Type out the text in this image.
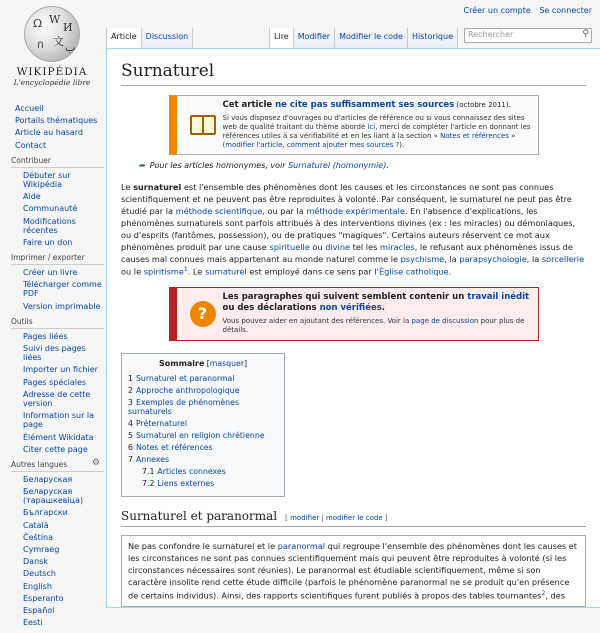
Créer un compte Se connecter
Ω W
И
ก 文 ب
WIKIPÉDIA
L'encyclopédie libre
Accueil
Portails thématiques
Article au hasard
Contact
Contribuer
Débuter sur Wikipédia
Aide
Communauté
Modifications récentes
Faire un don
Imprimer / exporter
Créer un livre
Télécharger comme PDF
Version imprimable
Outils
Pages liées
Suivi des pages liées
Importer un fichier
Pages spéciales
Adresse de cette version
Information sur la page
Élément Wikidata
Citer cette page
Autres langues	⚙
Беларуская
Беларуская (тарашкевіца)
Български
Català
Čeština
Cymraeg
Dansk
Deutsch
English
Esperanto
Español
Eesti
Article	Discussion	Lire	Modifier	Modifier le code	Historique	Rechercher	⚲
Surnaturel
Cet article ne cite pas suffisamment ses sources (octobre 2011).
Si vous disposez d'ouvrages ou d'articles de référence ou si vous connaissez des sites web de qualité traitant du thème abordé ici, merci de compléter l'article en donnant les références utiles à sa vérifiabilité et en les liant à la section « Notes et références » (modifier l'article, comment ajouter mes sources ?).
➦ Pour les articles homonymes, voir Surnaturel (homonymie).

Le surnaturel est l'ensemble des phénomènes dont les causes et les circonstances ne sont pas connues scientifiquement et ne peuvent pas être reproduites à volonté. Par conséquent, le surnaturel ne peut pas être étudié par la méthode scientifique, ou par la méthode expérimentale. En l'absence d'explications, les phénomènes surnaturels sont parfois attribués à des interventions divines (ex : les miracles) ou démoniaques, ou d'esprits (fantômes, possession), ou de pratiques "magiques". Certains auteurs réservent ce mot aux phénomènes produit par une cause spirituelle ou divine tel les miracles, le refusant aux phénomènes issus de causes mal connues mais appartenant au monde naturel comme le psychisme, la parapsychologie, la sorcellerie ou le spiritisme$^1$. Le surnaturel est employé dans ce sens par l'Église catholique.

?
Les paragraphes qui suivent semblent contenir un travail inédit ou des déclarations non vérifiées.
Vous pouvez aider en ajoutant des références. Voir la page de discussion pour plus de détails.
Sommaire [masquer]
1 Surnaturel et paranormal
2 Approche anthropologique
3 Exemples de phénomènes surnaturels
4 Préternaturel
5 Surnaturel en religion chrétienne
6 Notes et références
7 Annexes
7.1 Articles connexes
7.2 Liens externes
Surnaturel et paranormal [ modifier | modifier le code ]

Ne pas confondre le surnaturel et le paranormal qui regroupe l'ensemble des phénomènes dont les causes et les circonstances ne sont pas connues scientifiquement mais qui peuvent être reproduites à volonté (si les circonstances nécessaires sont réunies). Le paranormal est étudiable scientifiquement, même si son caractère insolite rend cette étude difficile (parfois le phénomène paranormal ne se produit qu'en présence de certains individus). Ainsi, des rapports scientifiques furent publiés à propos des tables tournantes$^2$, des
